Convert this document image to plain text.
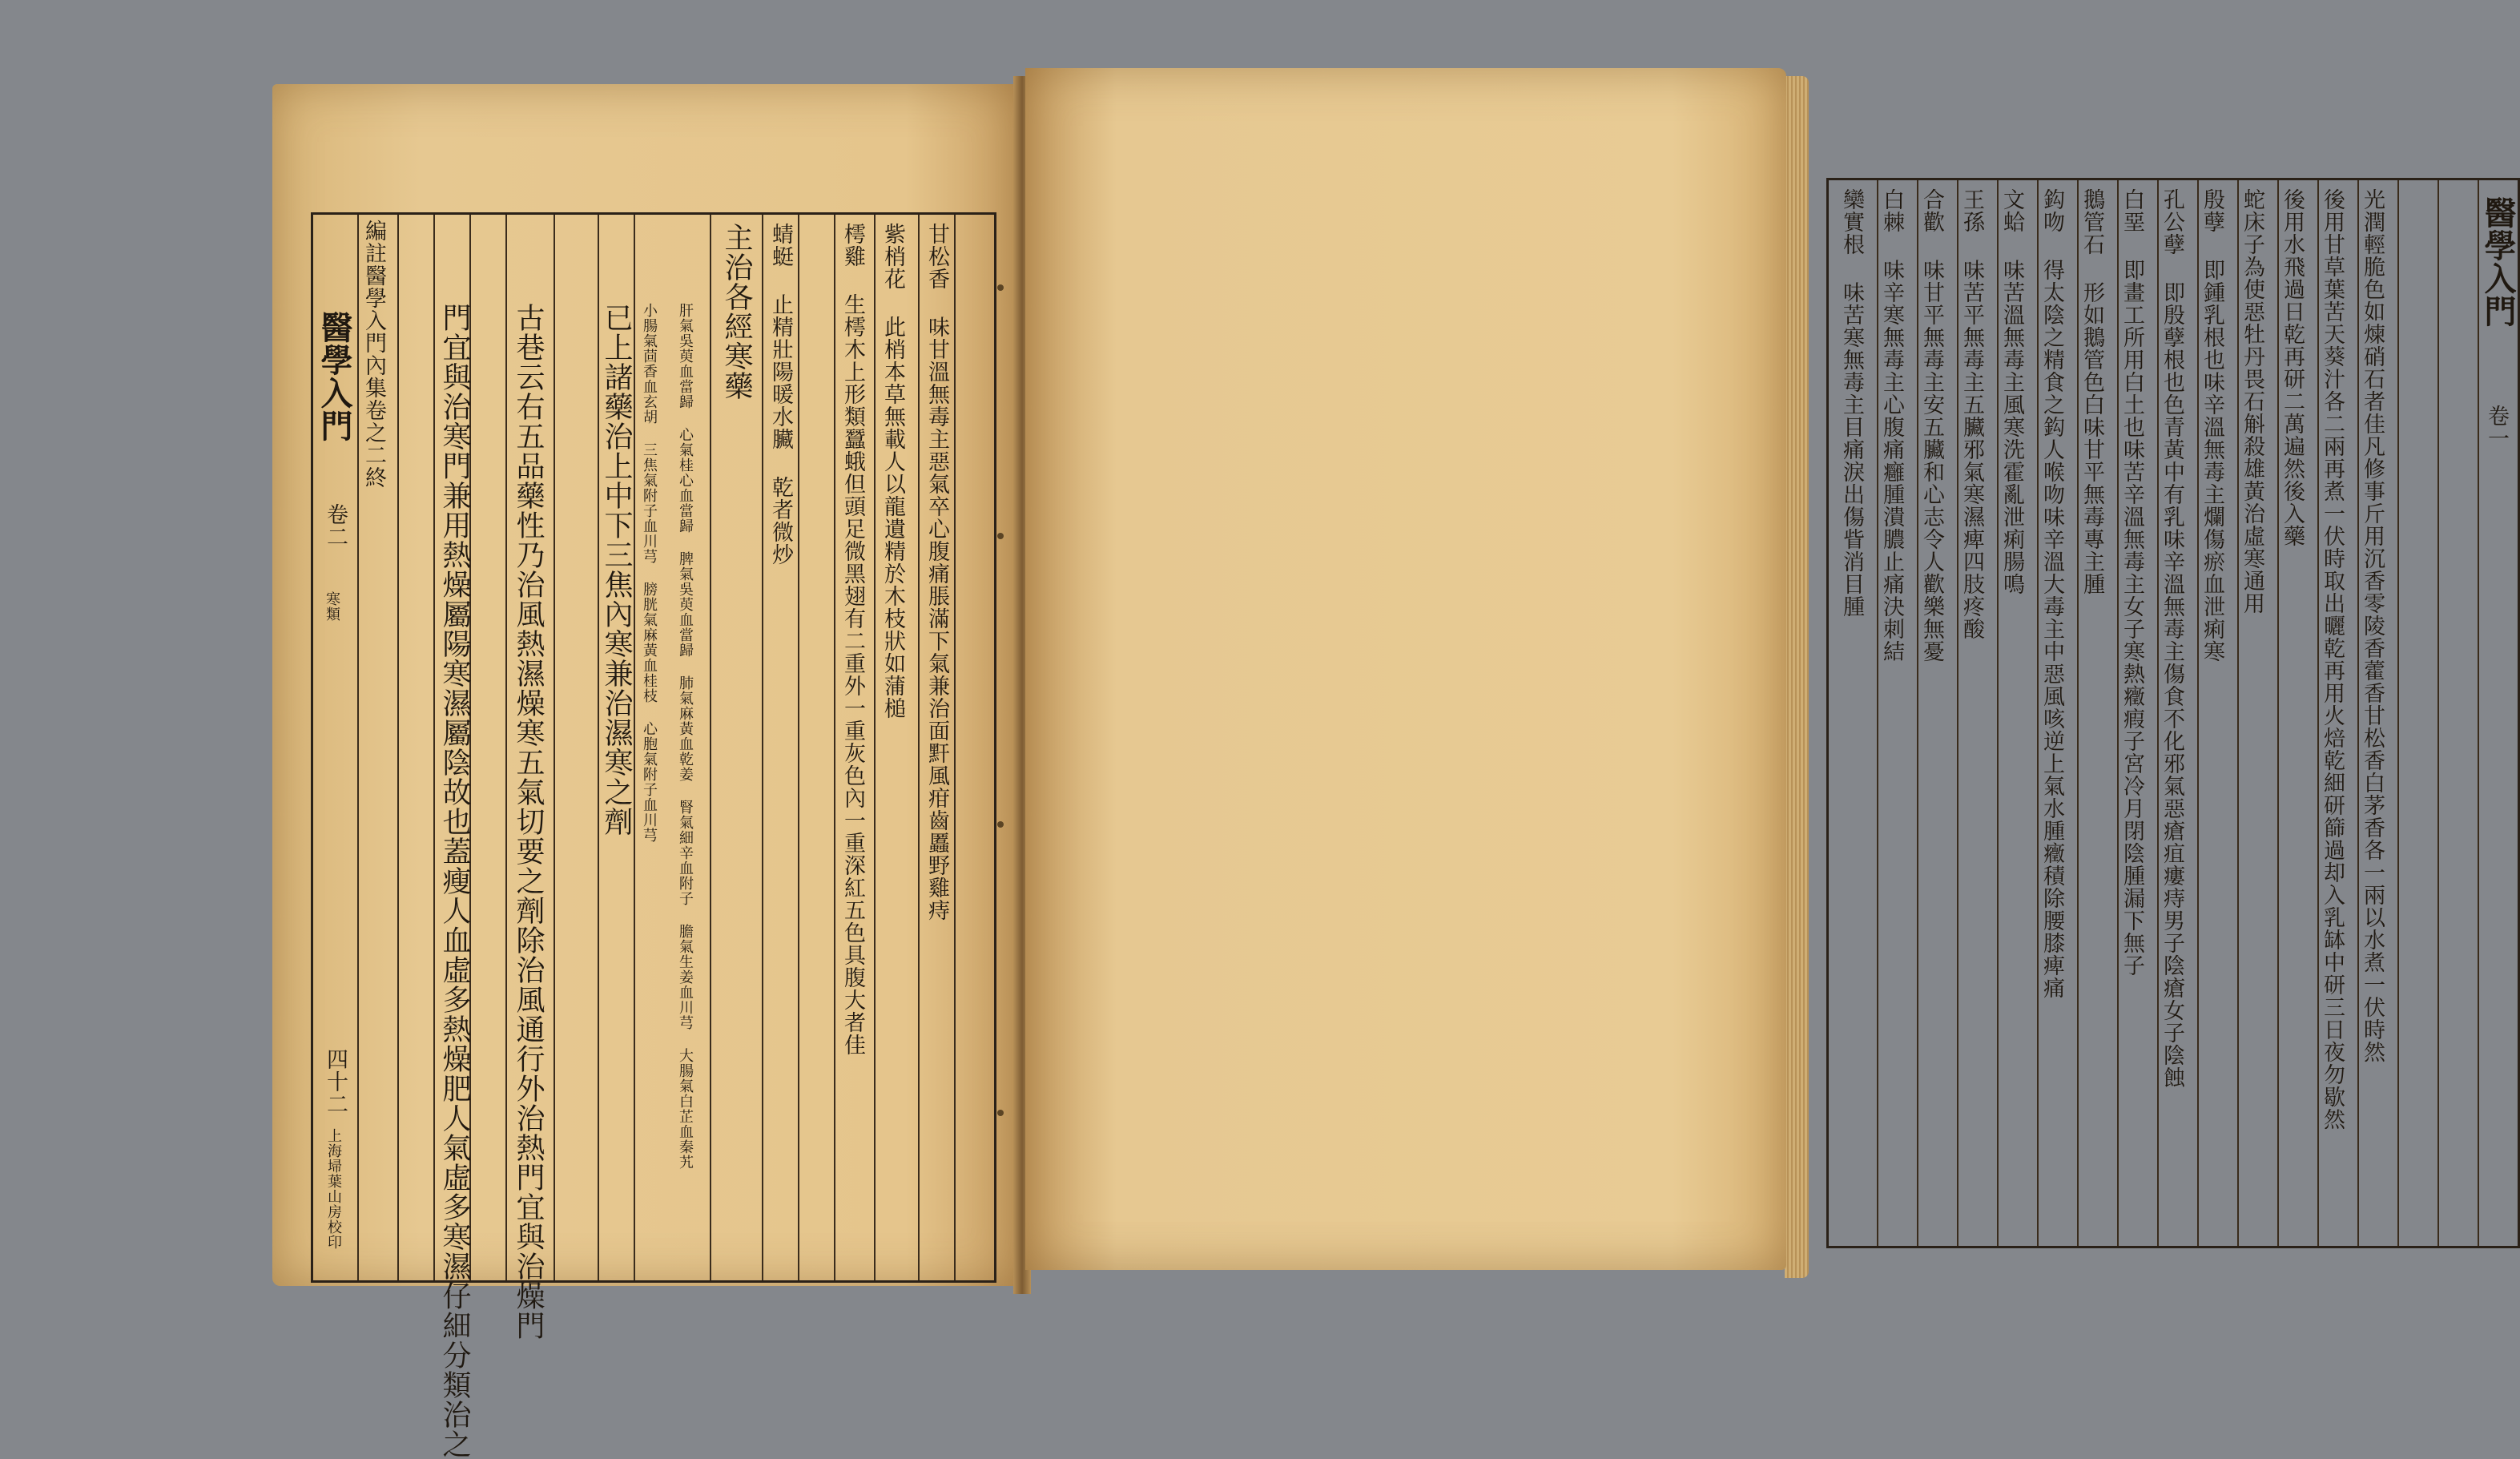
醫學入門
卷二
寒類
四十二
上海埽葉山房校印
編註醫學入門內集卷之二終	古巷云右五品藥性乃治風熱濕燥寒五氣切要之劑除治風通行外治熱門宜與治燥門
門宜與治寒門兼用熱燥屬陽寒濕屬陰故也蓋瘦人血虛多熱燥肥人氣虛多寒濕仔細分類治之	已上諸藥治上中下三焦內寒兼治濕寒之劑 小腸氣茴香血玄胡 三焦氣附子血川芎 膀胱氣麻黃血桂枝 心胞氣附子血川芎 肝氣吳萸血當歸 心氣桂心血當歸 脾氣吳萸血當歸 肺氣麻黃血乾姜 腎氣細辛血附子 膽氣生姜血川芎 大腸氣白芷血秦艽 主治各經寒藥 蜻蜓 止精壯陽暖水臟 乾者微炒 樗雞 生樗木上形類蠶蛾但頭足微黑翅有二重外一重灰色內一重深紅五色具腹大者佳 紫梢花 此梢本草無載人以龍遺精於木枝狀如蒲槌 甘松香 味甘溫無毒主惡氣卒心腹痛脹滿下氣兼治面䵟風疳齒䘌野雞痔	欒實根 味苦寒無毒主目痛淚出傷眥消目腫 白棘 味辛寒無毒主心腹痛癰腫潰膿止痛決刺結 合歡 味甘平無毒主安五臟和心志令人歡樂無憂 王孫 味苦平無毒主五臟邪氣寒濕痺四肢疼酸 文蛤 味苦溫無毒主風寒洗霍亂泄痢腸鳴 鈎吻 得太陰之精食之鈎人喉吻味辛溫大毒主中惡風咳逆上氣水腫癥積除腰膝痺痛 鵝管石 形如鵝管色白味甘平無毒專主腫 白堊 即畫工所用白土也味苦辛溫無毒主女子寒熱癥瘕子宮冷月閉陰腫漏下無子 孔公孽 即殷孽根也色青黃中有乳味辛溫無毒主傷食不化邪氣惡瘡疽瘻痔男子陰瘡女子陰蝕 殷孽 即鍾乳根也味辛溫無毒主爛傷瘀血泄痢寒 蛇床子為使惡牡丹畏石斛殺雄黃治虛寒通用 後用水飛過日乾再研二萬遍然後入藥 後用甘草葉苦天葵汁各二兩再煮一伏時取出曬乾再用火焙乾細研篩過却入乳缽中研三日夜勿歇然 光潤輕脆色如煉硝石者佳凡修事斤用沉香零陵香藿香甘松香白茅香各一兩以水煮一伏時然	醫學入門
卷一
